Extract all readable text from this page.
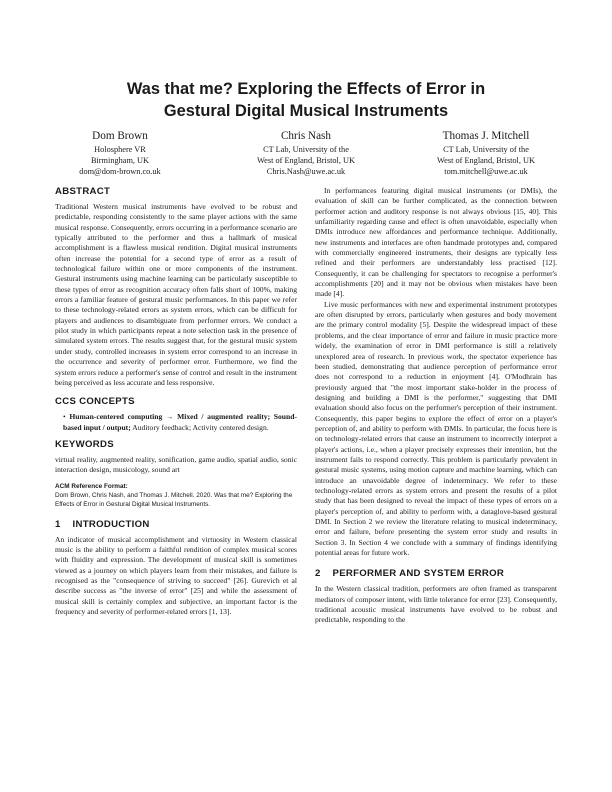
Was that me? Exploring the Effects of Error in
Gestural Digital Musical Instruments
Dom Brown
Holosphere VR
Birmingham, UK
dom@dom-brown.co.uk
Chris Nash
CT Lab, University of the
West of England, Bristol, UK
Chris.Nash@uwe.ac.uk
Thomas J. Mitchell
CT Lab, University of the
West of England, Bristol, UK
tom.mitchell@uwe.ac.uk
ABSTRACT

Traditional Western musical instruments have evolved to be robust and predictable, responding consistently to the same player actions with the same musical response. Consequently, errors occurring in a performance scenario are typically attributed to the performer and thus a hallmark of musical accomplishment is a flawless musical rendition. Digital musical instruments often increase the potential for a second type of error as a result of technological failure within one or more components of the instrument. Gestural instruments using machine learning can be particularly susceptible to these types of error as recognition accuracy often falls short of 100%, making errors a familiar feature of gestural music performances. In this paper we refer to these technology-related errors as system errors, which can be difficult for players and audiences to disambiguate from performer errors. We conduct a pilot study in which participants repeat a note selection task in the presence of simulated system errors. The results suggest that, for the gestural music system under study, controlled increases in system error correspond to an increase in the occurrence and severity of performer error. Furthermore, we find the system errors reduce a performer's sense of control and result in the instrument being perceived as less accurate and less responsive.

CCS CONCEPTS

• Human-centered computing → Mixed / augmented reality; Sound-based input / output; Auditory feedback; Activity centered design.

KEYWORDS

virtual reality, augmented reality, sonification, game audio, spatial audio, sonic interaction design, musicology, sound art

ACM Reference Format:

Dom Brown, Chris Nash, and Thomas J. Mitchell. 2020. Was that me? Exploring the Effects of Error in Gestural Digital Musical Instruments.

1    INTRODUCTION

An indicator of musical accomplishment and virtuosity in Western classical music is the ability to perform a faithful rendition of complex musical scores with fluidity and expression. The development of musical skill is sometimes viewed as a journey on which players learn from their mistakes, and failure is recognised as the "consequence of striving to succeed" [26]. Gurevich et al describe success as "the inverse of error" [25] and while the assessment of musical skill is certainly complex and subjective, an important factor is the frequency and severity of performer-related errors [1, 13].

In performances featuring digital musical instruments (or DMIs), the evaluation of skill can be further complicated, as the connection between performer action and auditory response is not always obvious [15, 40]. This unfamiliarity regarding cause and effect is often unavoidable, especially when DMIs introduce new affordances and performance technique. Additionally, new instruments and interfaces are often handmade prototypes and, compared with commercially engineered instruments, their designs are typically less refined and their performers are understandably less practised [12]. Consequently, it can be challenging for spectators to recognise a performer's accomplishments [20] and it may not be obvious when mistakes have been made [4].

Live music performances with new and experimental instrument prototypes are often disrupted by errors, particularly when gestures and body movement are the primary control modality [5]. Despite the widespread impact of these problems, and the clear importance of error and failure in music practice more widely, the examination of error in DMI performance is still a relatively unexplored area of research. In previous work, the spectator experience has been studied, demonstrating that audience perception of performance error does not correspond to a reduction in enjoyment [4]. O'Modhrain has previously argued that "the most important stake-holder in the process of designing and building a DMI is the performer," suggesting that DMI evaluation should also focus on the performer's perception of their instrument. Consequently, this paper begins to explore the effect of error on a player's perception of, and ability to perform with DMIs. In particular, the focus here is on technology-related errors that cause an instrument to incorrectly interpret a player's actions, i.e., when a player precisely expresses their intention, but the instrument fails to respond correctly. This problem is particularly prevalent in gestural music systems, using motion capture and machine learning, which can introduce an unavoidable degree of indeterminacy. We refer to these technology-related errors as system errors and present the results of a pilot study that has been designed to reveal the impact of these types of errors on a player's perception of, and ability to perform with, a dataglove-based gestural DMI. In Section 2 we review the literature relating to musical indeterminacy, error and failure, before presenting the system error study and results in Section 3. In Section 4 we conclude with a summary of findings identifying potential areas for future work.

2    PERFORMER AND SYSTEM ERROR

In the Western classical tradition, performers are often framed as transparent mediators of composer intent, with little tolerance for error [23]. Consequently, traditional acoustic musical instruments have evolved to be robust and predictable, responding to the
